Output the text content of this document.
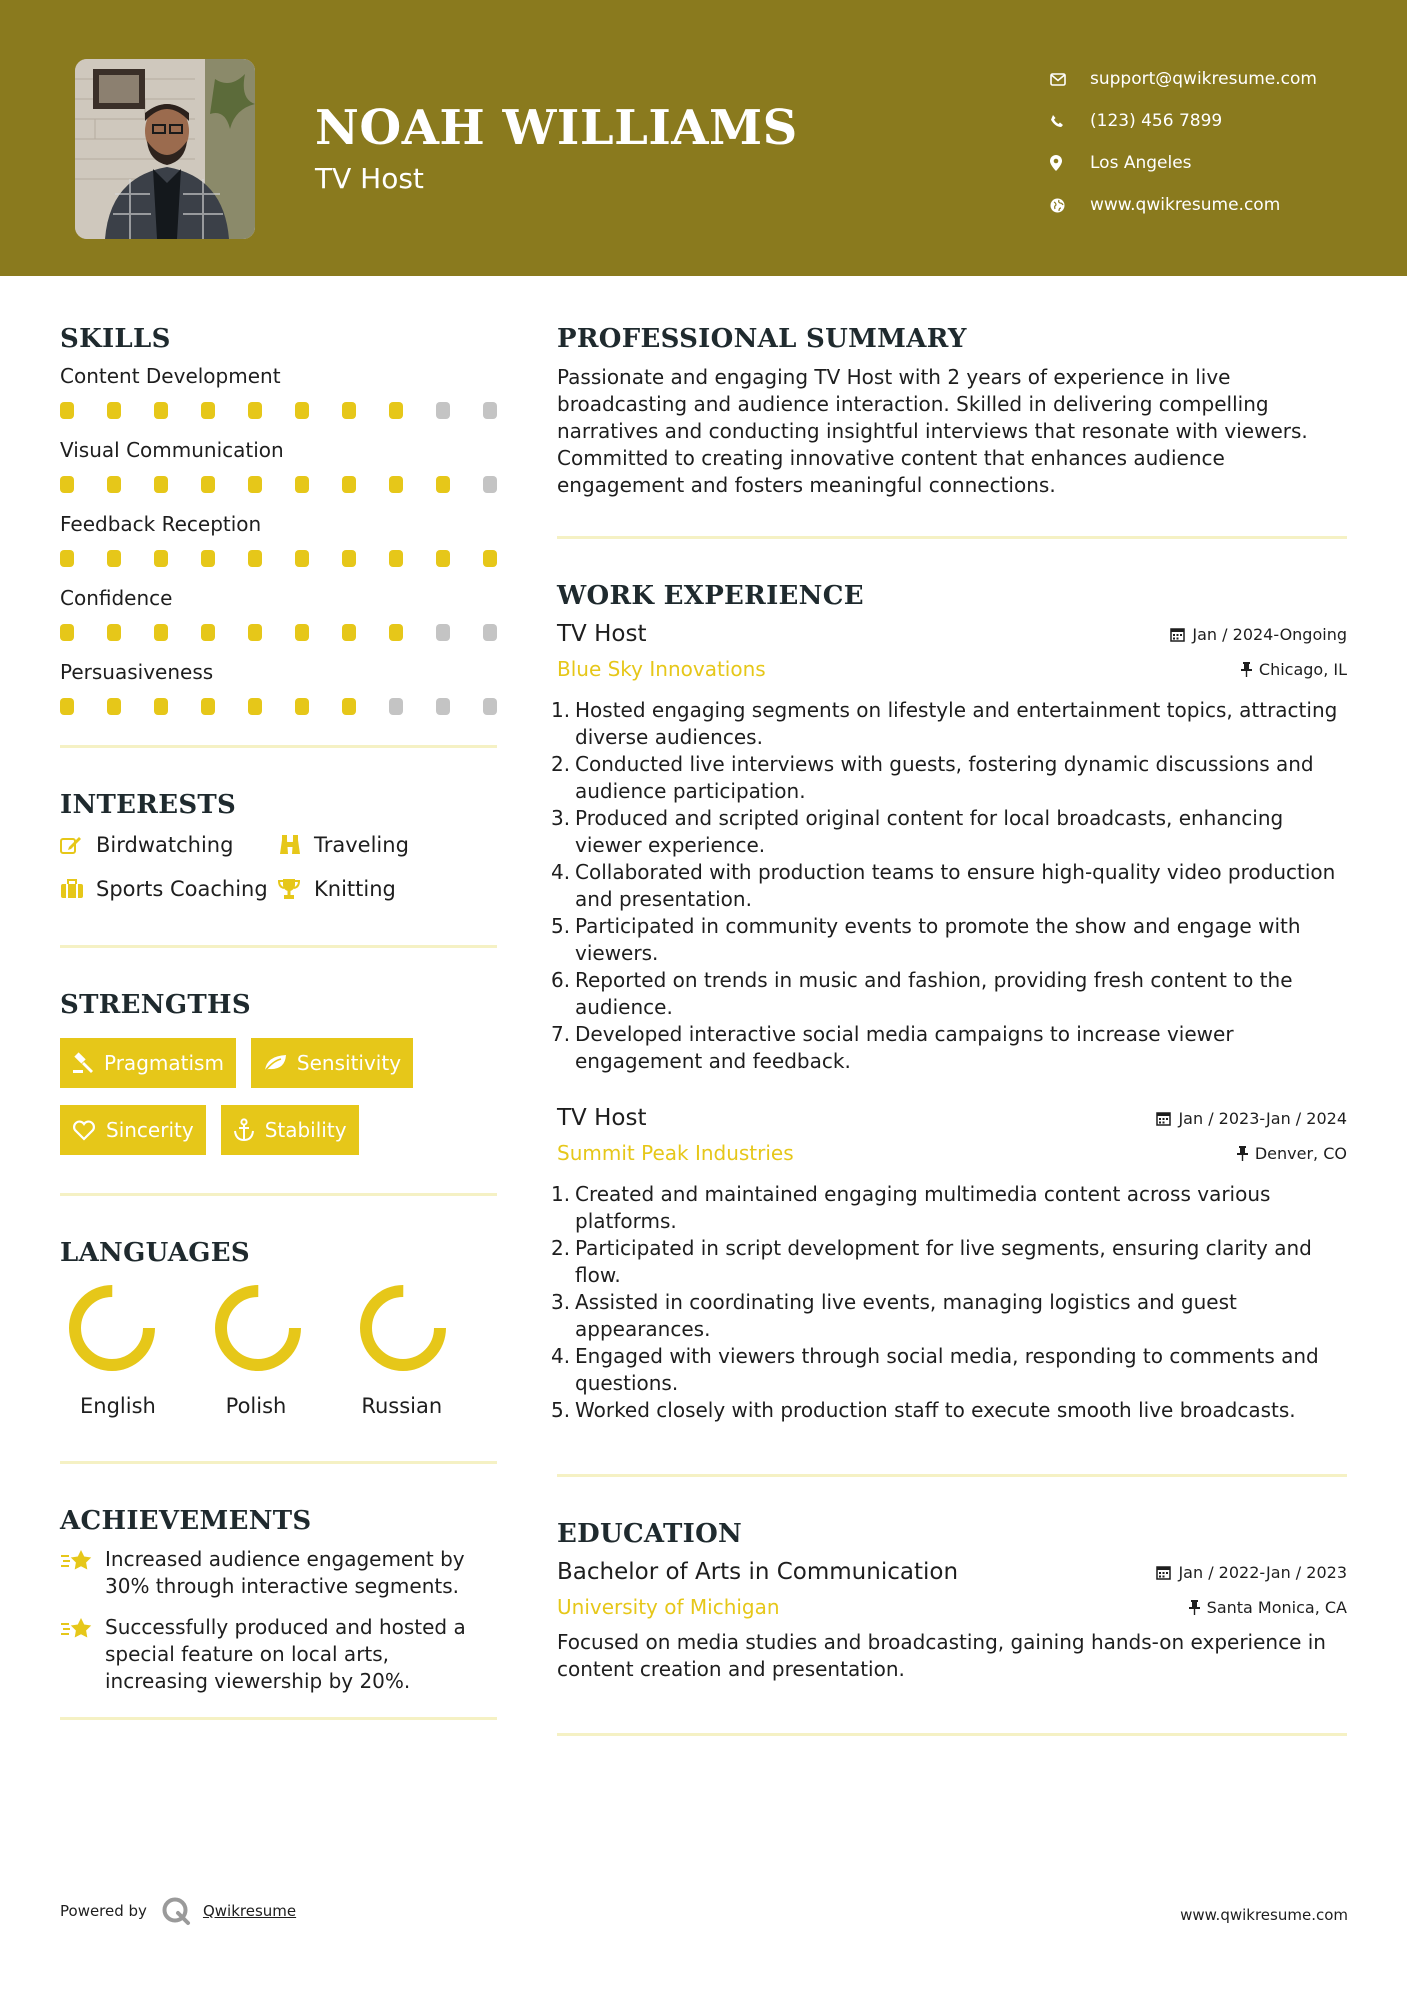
NOAH WILLIAMS
TV Host
support@qwikresume.com
(123) 456 7899
Los Angeles
www.qwikresume.com
SKILLS
Content Development
Visual Communication
Feedback Reception
Confidence
Persuasiveness
INTERESTS
Birdwatching	Traveling
Sports Coaching Knitting
STRENGTHS
Pragmatism	Sensitivity
Sincerity	Stability
LANGUAGES
English	Polish	Russian
ACHIEVEMENTS
Increased audience engagement by 30% through interactive segments.
Successfully produced and hosted a special feature on local arts, increasing viewership by 20%.
PROFESSIONAL SUMMARY
Passionate and engaging TV Host with 2 years of experience in live broadcasting and audience interaction. Skilled in delivering compelling narratives and conducting insightful interviews that resonate with viewers. Committed to creating innovative content that enhances audience engagement and fosters meaningful connections.
WORK EXPERIENCE
TV Host	Jan / 2024-Ongoing
Blue Sky Innovations	Chicago, IL
1. Hosted engaging segments on lifestyle and entertainment topics, attracting diverse audiences.
2. Conducted live interviews with guests, fostering dynamic discussions and audience participation.
3. Produced and scripted original content for local broadcasts, enhancing viewer experience.
4. Collaborated with production teams to ensure high-quality video production and presentation.
5. Participated in community events to promote the show and engage with viewers.
6. Reported on trends in music and fashion, providing fresh content to the audience.
7. Developed interactive social media campaigns to increase viewer engagement and feedback.
TV Host	Jan / 2023-Jan / 2024
Summit Peak Industries	Denver, CO
1. Created and maintained engaging multimedia content across various platforms.
2. Participated in script development for live segments, ensuring clarity and flow.
3. Assisted in coordinating live events, managing logistics and guest appearances.
4. Engaged with viewers through social media, responding to comments and questions.
5. Worked closely with production staff to execute smooth live broadcasts.
EDUCATION
Bachelor of Arts in Communication	Jan / 2022-Jan / 2023
University of Michigan	Santa Monica, CA
Focused on media studies and broadcasting, gaining hands-on experience in content creation and presentation.
Powered by	Qwikresume	www.qwikresume.com
